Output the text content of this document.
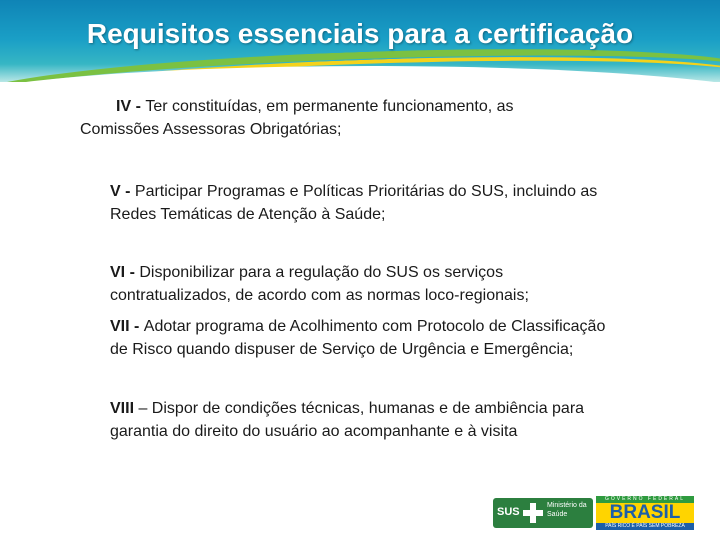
Requisitos essenciais para a certificação

IV - Ter constituídas, em permanente funcionamento, as
Comissões Assessoras Obrigatórias;

V - Participar Programas e Políticas Prioritárias do SUS, incluindo as
Redes Temáticas de Atenção à Saúde;

VI - Disponibilizar para a regulação do SUS os serviços
contratualizados, de acordo com as normas loco-regionais;

VII - Adotar programa de Acolhimento com Protocolo de Classificação
de Risco quando dispuser de Serviço de Urgência e Emergência;

VIII – Dispor de condições técnicas, humanas e de ambiência para
garantia do direito do usuário ao acompanhante e à visita

SUS
Ministério da Saúde
GOVERNO FEDERAL
BRASIL
PAÍS RICO É PAÍS SEM POBREZA
